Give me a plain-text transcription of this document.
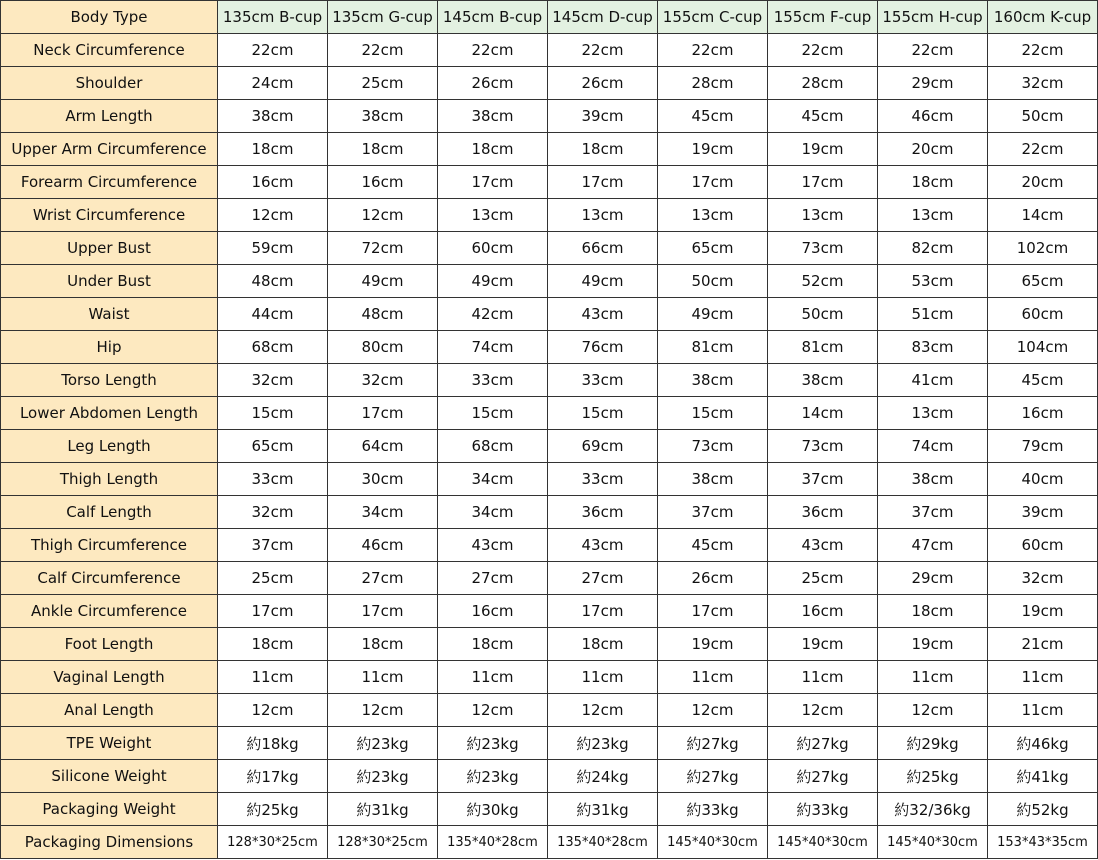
Body Type	135cm B-cup	135cm G-cup	145cm B-cup	145cm D-cup	155cm C-cup	155cm F-cup	155cm H-cup	160cm K-cup
Neck Circumference	22cm	22cm	22cm	22cm	22cm	22cm	22cm	22cm
Shoulder	24cm	25cm	26cm	26cm	28cm	28cm	29cm	32cm
Arm Length	38cm	38cm	38cm	39cm	45cm	45cm	46cm	50cm
Upper Arm Circumference	18cm	18cm	18cm	18cm	19cm	19cm	20cm	22cm
Forearm Circumference	16cm	16cm	17cm	17cm	17cm	17cm	18cm	20cm
Wrist Circumference	12cm	12cm	13cm	13cm	13cm	13cm	13cm	14cm
Upper Bust	59cm	72cm	60cm	66cm	65cm	73cm	82cm	102cm
Under Bust	48cm	49cm	49cm	49cm	50cm	52cm	53cm	65cm
Waist	44cm	48cm	42cm	43cm	49cm	50cm	51cm	60cm
Hip	68cm	80cm	74cm	76cm	81cm	81cm	83cm	104cm
Torso Length	32cm	32cm	33cm	33cm	38cm	38cm	41cm	45cm
Lower Abdomen Length	15cm	17cm	15cm	15cm	15cm	14cm	13cm	16cm
Leg Length	65cm	64cm	68cm	69cm	73cm	73cm	74cm	79cm
Thigh Length	33cm	30cm	34cm	33cm	38cm	37cm	38cm	40cm
Calf Length	32cm	34cm	34cm	36cm	37cm	36cm	37cm	39cm
Thigh Circumference	37cm	46cm	43cm	43cm	45cm	43cm	47cm	60cm
Calf Circumference	25cm	27cm	27cm	27cm	26cm	25cm	29cm	32cm
Ankle Circumference	17cm	17cm	16cm	17cm	17cm	16cm	18cm	19cm
Foot Length	18cm	18cm	18cm	18cm	19cm	19cm	19cm	21cm
Vaginal Length	11cm	11cm	11cm	11cm	11cm	11cm	11cm	11cm
Anal Length	12cm	12cm	12cm	12cm	12cm	12cm	12cm	11cm
TPE Weight	約18kg	約23kg	約23kg	約23kg	約27kg	約27kg	約29kg	約46kg
Silicone Weight	約17kg	約23kg	約23kg	約24kg	約27kg	約27kg	約25kg	約41kg
Packaging Weight	約25kg	約31kg	約30kg	約31kg	約33kg	約33kg	約32/36kg	約52kg
Packaging Dimensions	128*30*25cm	128*30*25cm	135*40*28cm	135*40*28cm	145*40*30cm	145*40*30cm	145*40*30cm	153*43*35cm
